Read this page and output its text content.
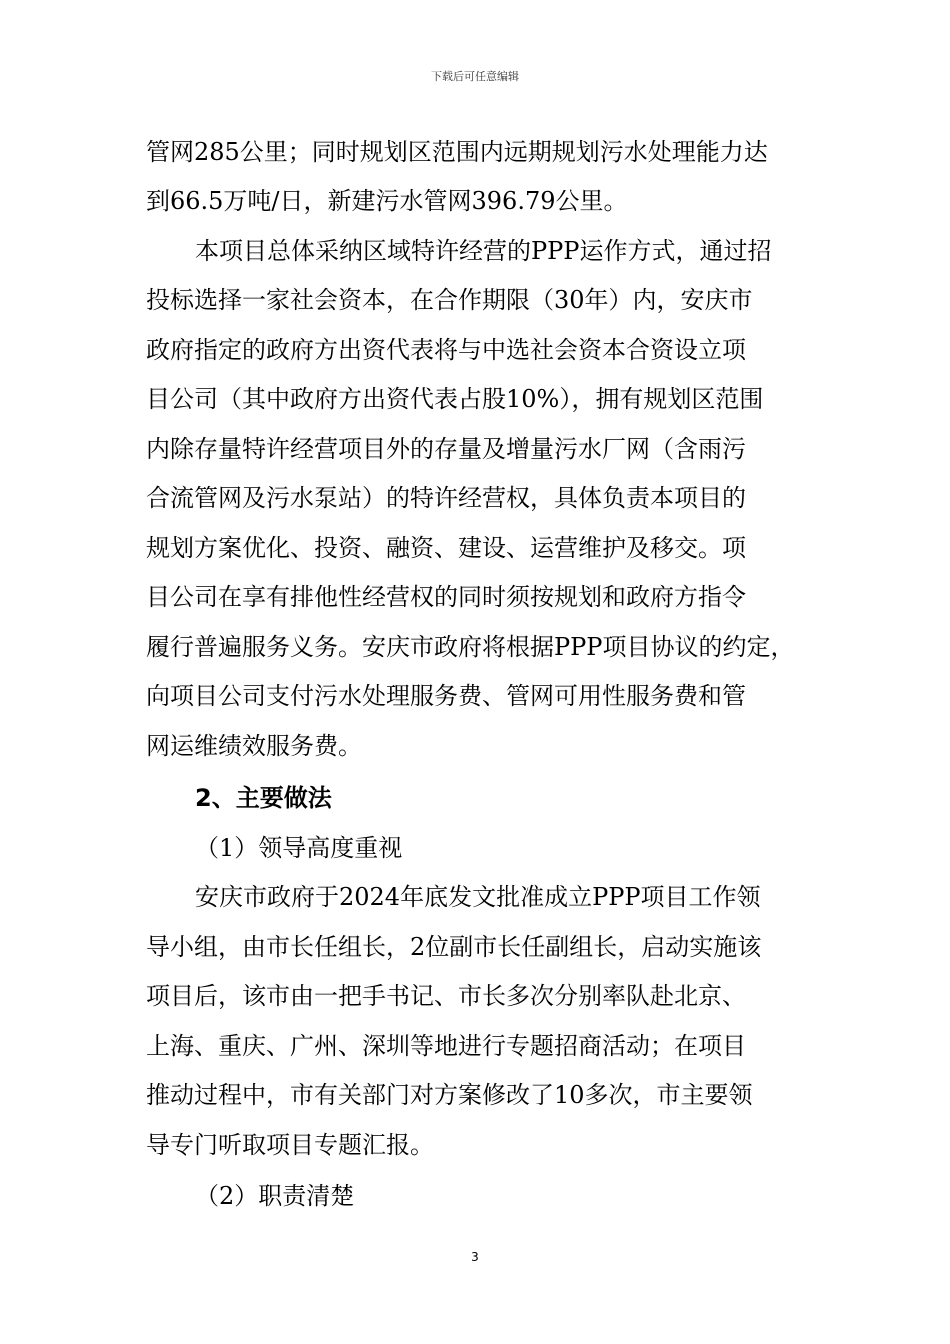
下载后可任意编辑
管网285公里；同时规划区范围内远期规划污水处理能力达
到66.5万吨/日，新建污水管网396.79公里。
本项目总体采纳区域特许经营的PPP运作方式，通过招
投标选择一家社会资本，在合作期限（30年）内，安庆市
政府指定的政府方出资代表将与中选社会资本合资设立项
目公司（其中政府方出资代表占股10%），拥有规划区范围
内除存量特许经营项目外的存量及增量污水厂网（含雨污
合流管网及污水泵站）的特许经营权，具体负责本项目的
规划方案优化、投资、融资、建设、运营维护及移交。项
目公司在享有排他性经营权的同时须按规划和政府方指令
履行普遍服务义务。安庆市政府将根据PPP项目协议的约定，
向项目公司支付污水处理服务费、管网可用性服务费和管
网运维绩效服务费。
2、主要做法
（1）领导高度重视
安庆市政府于2024年底发文批准成立PPP项目工作领
导小组，由市长任组长，2位副市长任副组长，启动实施该
项目后，该市由一把手书记、市长多次分别率队赴北京、
上海、重庆、广州、深圳等地进行专题招商活动；在项目
推动过程中，市有关部门对方案修改了10多次，市主要领
导专门听取项目专题汇报。
（2）职责清楚
3
